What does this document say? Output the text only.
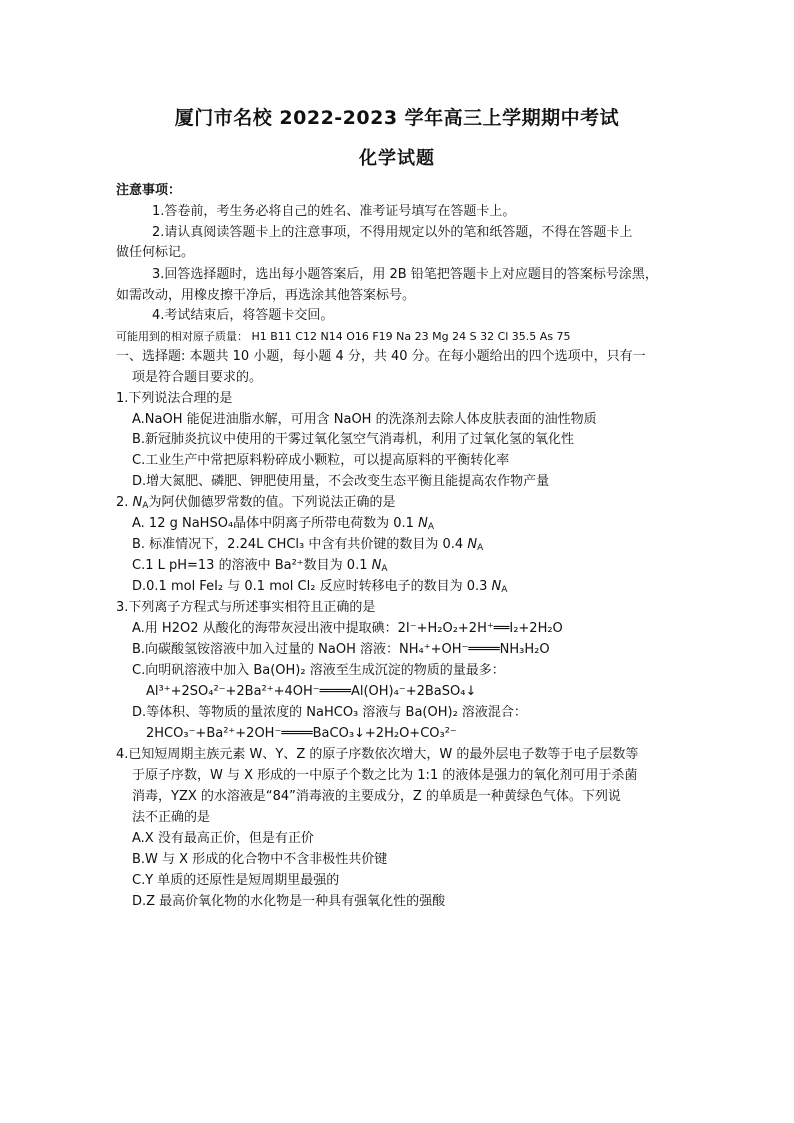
厦门市名校 2022-2023 学年高三上学期期中考试
化学试题
注意事项：
1.答卷前，考生务必将自己的姓名、准考证号填写在答题卡上。
2.请认真阅读答题卡上的注意事项，不得用规定以外的笔和纸答题，不得在答题卡上
做任何标记。
3.回答选择题时，选出每小题答案后，用 2B 铅笔把答题卡上对应题目的答案标号涂黑，
如需改动，用橡皮擦干净后，再选涂其他答案标号。
4.考试结束后，将答题卡交回。
可能用到的相对原子质量： H1 B11 C12 N14 O16 F19 Na 23 Mg 24 S 32 Cl 35.5 As 75
一、选择题: 本题共 10 小题，每小题 4 分，共 40 分。在每小题给出的四个选项中，只有一
项是符合题目要求的。
1.下列说法合理的是
A.NaOH 能促进油脂水解，可用含 NaOH 的洗涤剂去除人体皮肤表面的油性物质
B.新冠肺炎抗议中使用的干雾过氧化氢空气消毒机，利用了过氧化氢的氧化性
C.工业生产中常把原料粉碎成小颗粒，可以提高原料的平衡转化率
D.增大氮肥、磷肥、钾肥使用量，不会改变生态平衡且能提高农作物产量
2. $N_A$为阿伏伽德罗常数的值。下列说法正确的是
A. 12 g NaHSO₄晶体中阴离子所带电荷数为 0.1 $N_A$
B. 标准情况下，2.24L CHCl₃ 中含有共价键的数目为 0.4 $N_A$
C.1 L pH=13 的溶液中 Ba²⁺数目为 0.1 $N_A$
D.0.1 mol FeI₂ 与 0.1 mol Cl₂ 反应时转移电子的数目为 0.3 $N_A$
3.下列离子方程式与所述事实相符且正确的是
A.用 H2O2 从酸化的海带灰浸出液中提取碘：2I⁻+H₂O₂+2H⁺══I₂+2H₂O
B.向碳酸氢铵溶液中加入过量的 NaOH 溶液：NH₄⁺+OH⁻════NH₃H₂O
C.向明矾溶液中加入 Ba(OH)₂ 溶液至生成沉淀的物质的量最多：
Al³⁺+2SO₄²⁻+2Ba²⁺+4OH⁻════Al(OH)₄⁻+2BaSO₄↓
D.等体积、等物质的量浓度的 NaHCO₃ 溶液与 Ba(OH)₂ 溶液混合：
2HCO₃⁻+Ba²⁺+2OH⁻════BaCO₃↓+2H₂O+CO₃²⁻
4.已知短周期主族元素 W、Y、Z 的原子序数依次增大，W 的最外层电子数等于电子层数等
于原子序数，W 与 X 形成的一中原子个数之比为 1:1 的液体是强力的氧化剂可用于杀菌
消毒，YZX 的水溶液是“84”消毒液的主要成分，Z 的单质是一种黄绿色气体。下列说
法不正确的是
A.X 没有最高正价，但是有正价
B.W 与 X 形成的化合物中不含非极性共价键
C.Y 单质的还原性是短周期里最强的
D.Z 最高价氧化物的水化物是一种具有强氧化性的强酸
